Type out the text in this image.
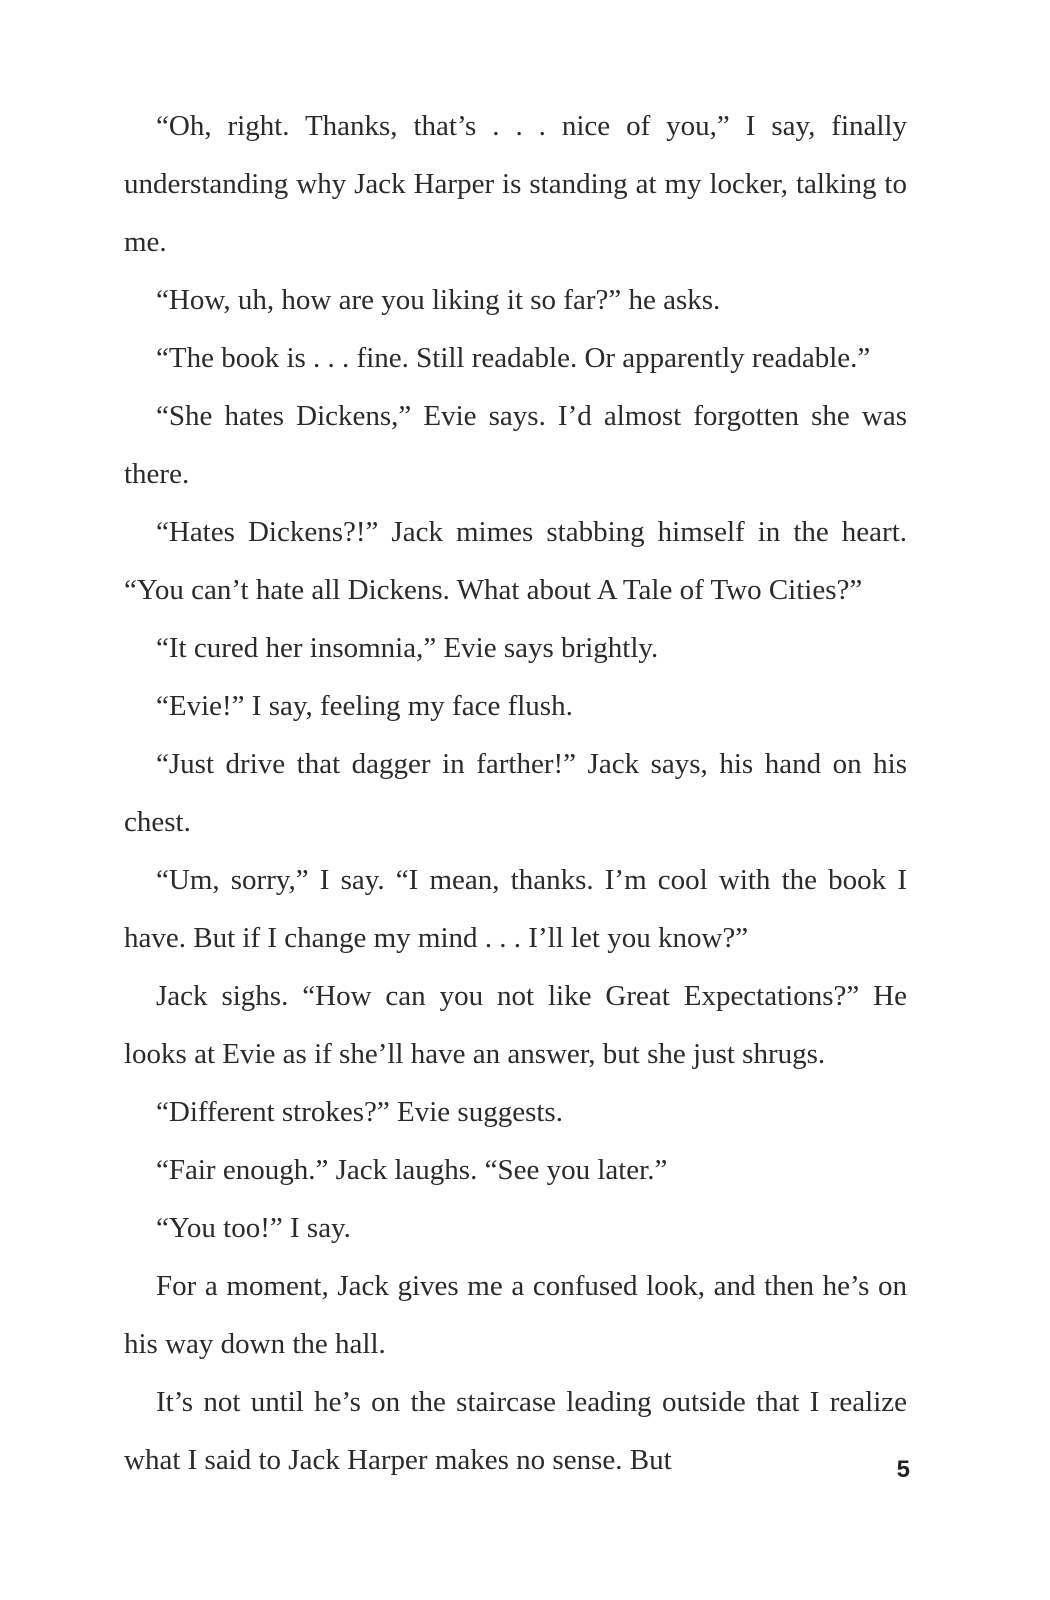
“Oh, right. Thanks, that’s . . . nice of you,” I say, finally understanding why Jack Harper is standing at my locker, talking to me.

“How, uh, how are you liking it so far?” he asks.

“The book is . . . fine. Still readable. Or apparently readable.”

“She hates Dickens,” Evie says. I’d almost forgotten she was there.

“Hates Dickens?!” Jack mimes stabbing himself in the heart. “You can’t hate all Dickens. What about A Tale of Two Cities?”

“It cured her insomnia,” Evie says brightly.

“Evie!” I say, feeling my face flush.

“Just drive that dagger in farther!” Jack says, his hand on his chest.

“Um, sorry,” I say. “I mean, thanks. I’m cool with the book I have. But if I change my mind . . . I’ll let you know?”

Jack sighs. “How can you not like Great Expectations?” He looks at Evie as if she’ll have an answer, but she just shrugs.

“Different strokes?” Evie suggests.

“Fair enough.” Jack laughs. “See you later.”

“You too!” I say.

For a moment, Jack gives me a confused look, and then he’s on his way down the hall.

It’s not until he’s on the staircase leading outside that I realize what I said to Jack Harper makes no sense. But	5
